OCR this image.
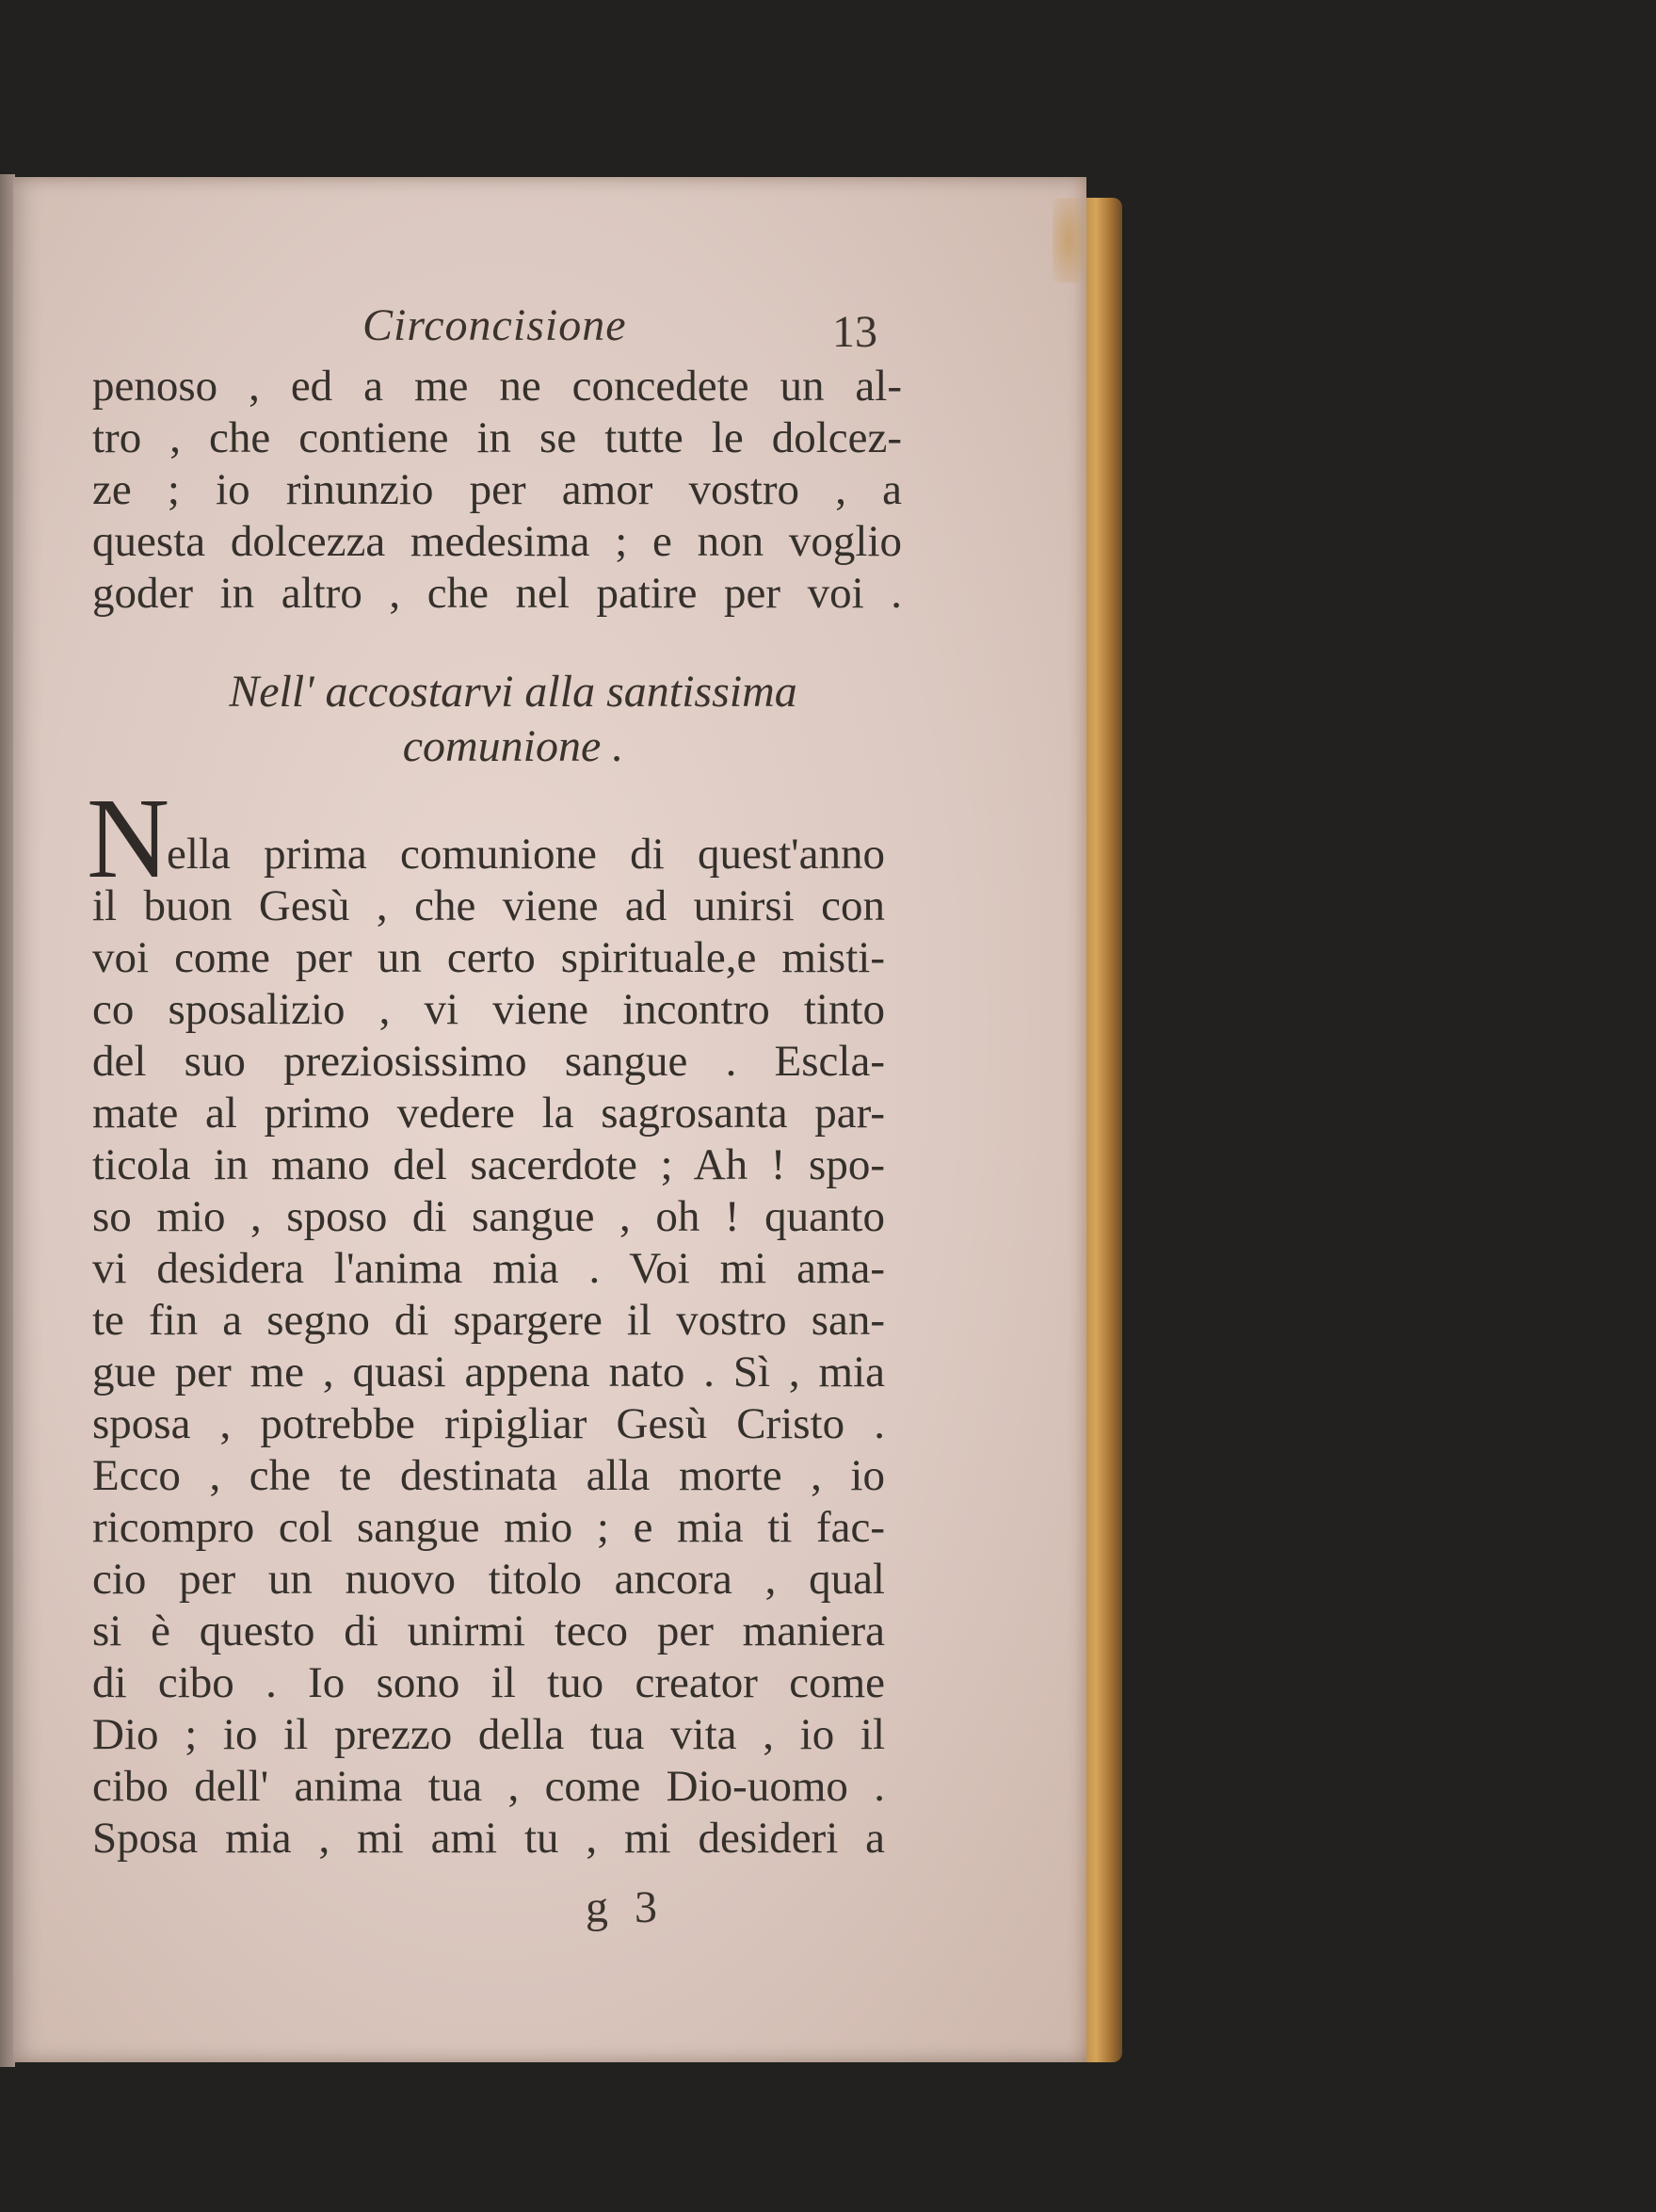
Circoncisione	13
penoso , ed a me ne concedete un al-
tro , che contiene in se tutte le dolcez-
ze ; io rinunzio per amor vostro , a
questa dolcezza medesima ; e non voglio
goder in altro , che nel patire per voi .
Nell' accostarvi alla santissima
comunione .
N
ella prima comunione di quest'anno
il buon Gesù , che viene ad unirsi con
voi come per un certo spirituale,e misti-
co sposalizio , vi viene incontro tinto
del suo preziosissimo sangue . Escla-
mate al primo vedere la sagrosanta par-
ticola in mano del sacerdote ; Ah ! spo-
so mio , sposo di sangue , oh ! quanto
vi desidera l'anima mia . Voi mi ama-
te fin a segno di spargere il vostro san-
gue per me , quasi appena nato . Sì , mia
sposa , potrebbe ripigliar Gesù Cristo .
Ecco , che te destinata alla morte , io
ricompro col sangue mio ; e mia ti fac-
cio per un nuovo titolo ancora , qual
si è questo di unirmi teco per maniera
di cibo . Io sono il tuo creator come
Dio ; io il prezzo della tua vita , io il
cibo dell' anima tua , come Dio-uomo .
Sposa mia , mi ami tu , mi desideri a
g 3
